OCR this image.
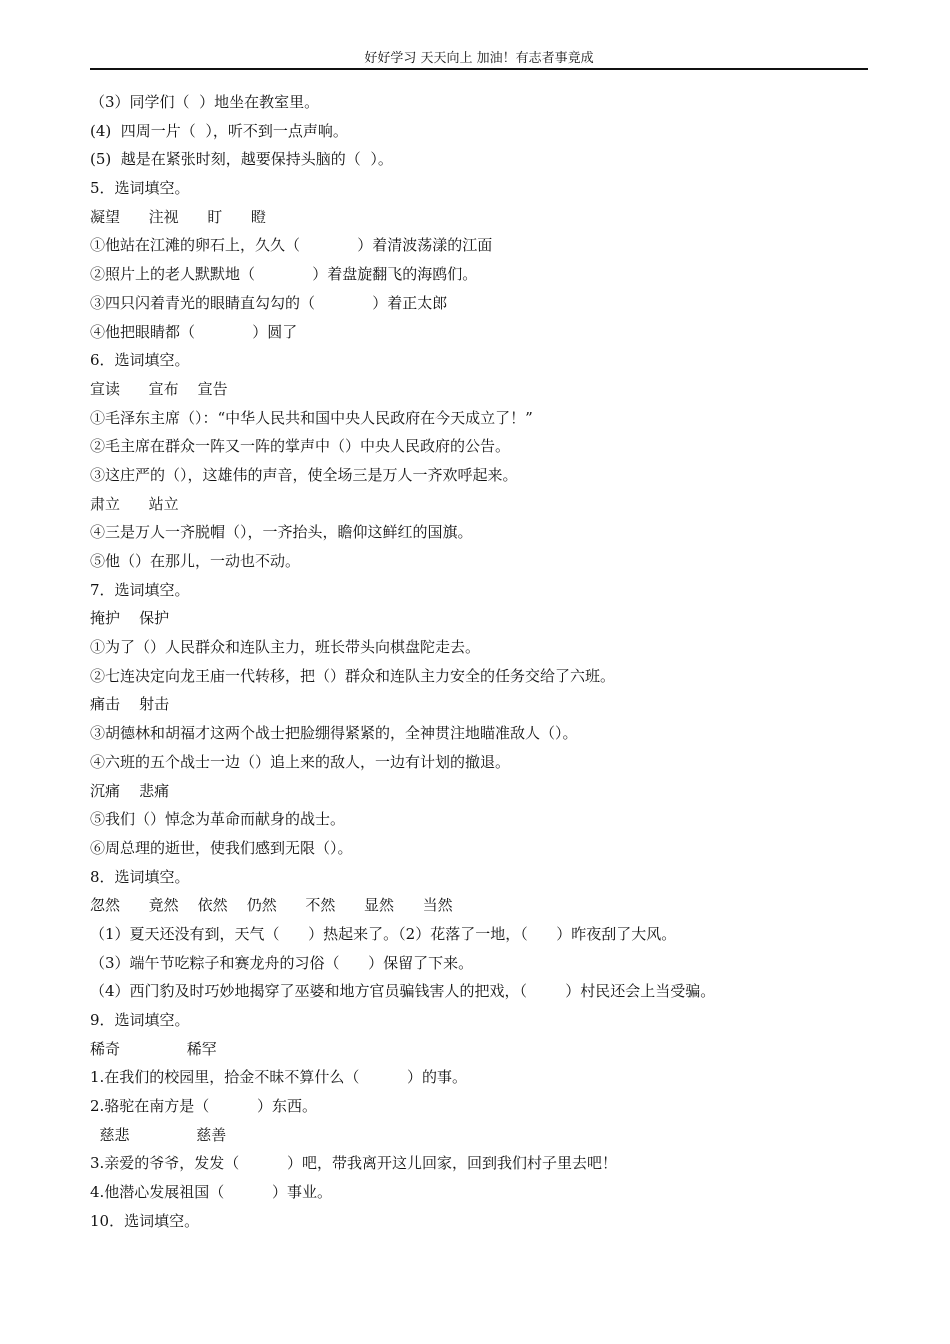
好好学习 天天向上 加油！有志者事竟成
（3）同学们（  ）地坐在教室里。
(4)  四周一片（  ），听不到一点声响。
(5)  越是在紧张时刻，越要保持头脑的（  ）。
5．选词填空。
凝望      注视      盯      瞪
①他站在江滩的卵石上，久久（            ）着清波荡漾的江面
②照片上的老人默默地（            ）着盘旋翻飞的海鸥们。
③四只闪着青光的眼睛直勾勾的（            ）着正太郎
④他把眼睛都（            ）圆了
6．选词填空。
宣读      宣布    宣告
①毛泽东主席（）：“中华人民共和国中央人民政府在今天成立了！”
②毛主席在群众一阵又一阵的掌声中（）中央人民政府的公告。
③这庄严的（），这雄伟的声音，使全场三是万人一齐欢呼起来。
肃立      站立
④三是万人一齐脱帽（），一齐抬头，瞻仰这鲜红的国旗。
⑤他（）在那儿，一动也不动。
7．选词填空。
掩护    保护
①为了（）人民群众和连队主力，班长带头向棋盘陀走去。
②七连决定向龙王庙一代转移，把（）群众和连队主力安全的任务交给了六班。
痛击    射击
③胡德林和胡福才这两个战士把脸绷得紧紧的，全神贯注地瞄准敌人（）。
④六班的五个战士一边（）追上来的敌人，一边有计划的撤退。
沉痛    悲痛
⑤我们（）悼念为革命而献身的战士。
⑥周总理的逝世，使我们感到无限（）。
8．选词填空。
忽然      竟然    依然    仍然      不然      显然      当然
（1）夏天还没有到，天气（      ）热起来了。（2）花落了一地，（      ）昨夜刮了大风。
（3）端午节吃粽子和赛龙舟的习俗（      ）保留了下来。
（4）西门豹及时巧妙地揭穿了巫婆和地方官员骗钱害人的把戏，（        ）村民还会上当受骗。
9．选词填空。
稀奇              稀罕
1.在我们的校园里，拾金不昧不算什么（          ）的事。
2.骆驼在南方是（          ）东西。
慈悲              慈善
3.亲爱的爷爷，发发（          ）吧，带我离开这儿回家，回到我们村子里去吧！
4.他潜心发展祖国（          ）事业。
10．选词填空。
